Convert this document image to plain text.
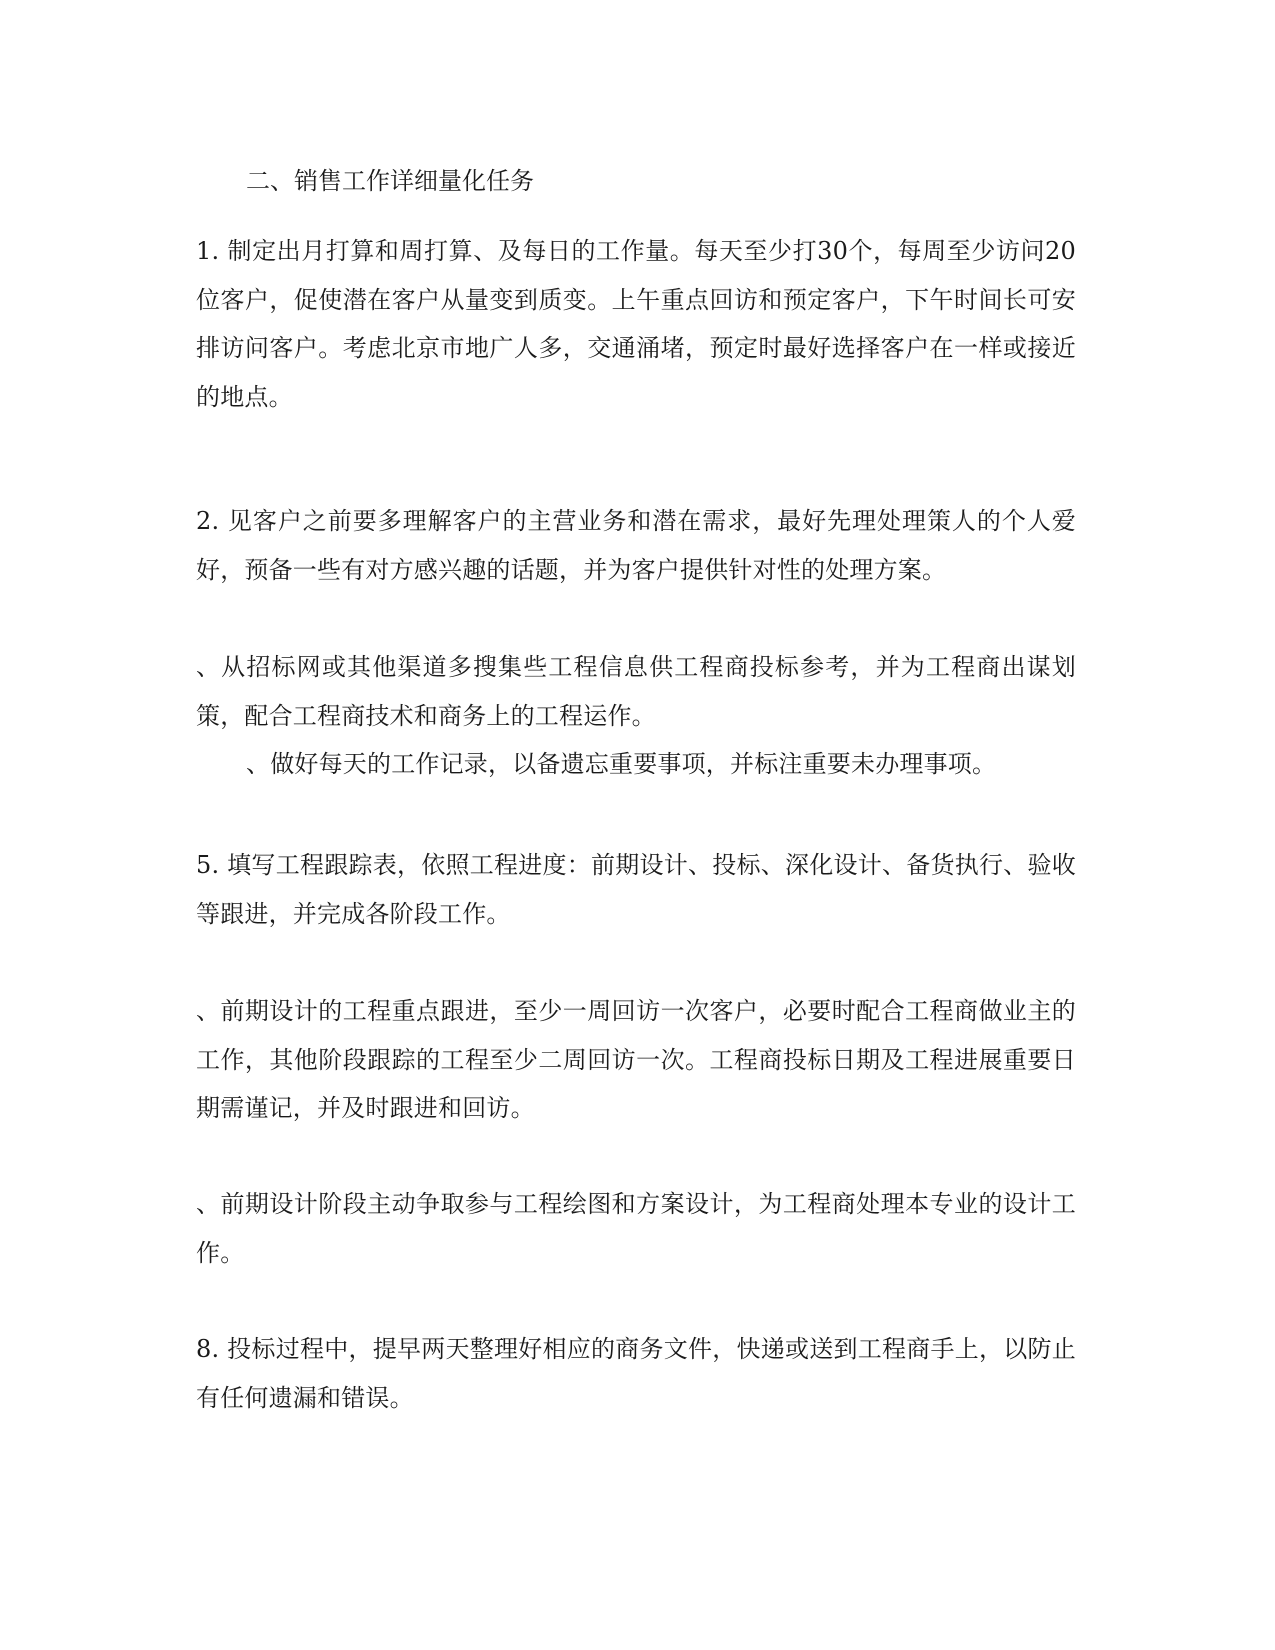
二、销售工作详细量化任务

1. 制定出月打算和周打算、及每日的工作量。每天至少打30个，每周至少访问20位客户，促使潜在客户从量变到质变。上午重点回访和预定客户，下午时间长可安排访问客户。考虑北京市地广人多，交通涌堵，预定时最好选择客户在一样或接近的地点。

2. 见客户之前要多理解客户的主营业务和潜在需求，最好先理处理策人的个人爱好，预备一些有对方感兴趣的话题，并为客户提供针对性的处理方案。

、从招标网或其他渠道多搜集些工程信息供工程商投标参考，并为工程商出谋划策，配合工程商技术和商务上的工程运作。

、做好每天的工作记录，以备遗忘重要事项，并标注重要未办理事项。

5. 填写工程跟踪表，依照工程进度：前期设计、投标、深化设计、备货执行、验收等跟进，并完成各阶段工作。

、前期设计的工程重点跟进，至少一周回访一次客户，必要时配合工程商做业主的工作，其他阶段跟踪的工程至少二周回访一次。工程商投标日期及工程进展重要日期需谨记，并及时跟进和回访。

、前期设计阶段主动争取参与工程绘图和方案设计，为工程商处理本专业的设计工作。

8. 投标过程中，提早两天整理好相应的商务文件，快递或送到工程商手上，以防止有任何遗漏和错误。
